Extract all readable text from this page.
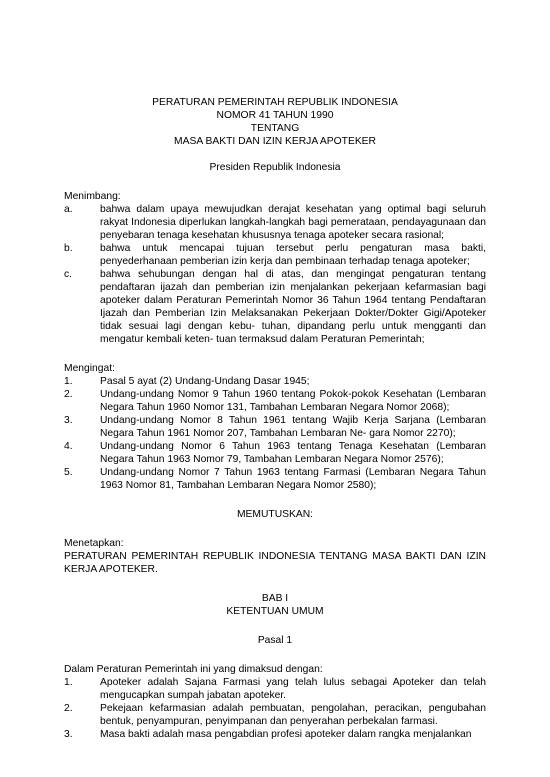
PERATURAN PEMERINTAH REPUBLIK INDONESIA

NOMOR 41 TAHUN 1990

TENTANG

MASA BAKTI DAN IZIN KERJA APOTEKER

Presiden Republik Indonesia

Menimbang:

a.	bahwa dalam upaya mewujudkan derajat kesehatan yang optimal bagi seluruh rakyat Indonesia diperlukan langkah-langkah bagi pemerataan, pendayagunaan dan penyebaran tenaga kesehatan khususnya tenaga apoteker secara rasional;
b.	bahwa untuk mencapai tujuan tersebut perlu pengaturan masa bakti, penyederhanaan pemberian izin kerja dan pembinaan terhadap tenaga apoteker;
c.	bahwa sehubungan dengan hal di atas, dan mengingat pengaturan tentang pendaftaran ijazah dan pemberian izin menjalankan pekerjaan kefarmasian bagi apoteker dalam Peraturan Pemerintah Nomor 36 Tahun 1964 tentang Pendaftaran Ijazah dan Pemberian Izin Melaksanakan Pekerjaan Dokter/Dokter Gigi/Apoteker tidak sesuai lagi dengan kebu- tuhan, dipandang perlu untuk mengganti dan mengatur kembali keten- tuan termaksud dalam Peraturan Pemerintah;

Mengingat:

1.	Pasal 5 ayat (2) Undang-Undang Dasar 1945;
2.	Undang-undang Nomor 9 Tahun 1960 tentang Pokok-pokok Kesehatan (Lembaran Negara Tahun 1960 Nomor 131, Tambahan Lembaran Negara Nomor 2068);
3.	Undang-undang Nomor 8 Tahun 1961 tentang Wajib Kerja Sarjana (Lembaran Negara Tahun 1961 Nomor 207, Tambahan Lembaran Ne- gara Nomor 2270);
4.	Undang-undang Nomor 6 Tahun 1963 tentang Tenaga Kesehatan (Lembaran Negara Tahun 1963 Nomor 79, Tambahan Lembaran Negara Nomor 2576);
5.	Undang-undang Nomor 7 Tahun 1963 tentang Farmasi (Lembaran Negara Tahun 1963 Nomor 81, Tambahan Lembaran Negara Nomor 2580);

MEMUTUSKAN:

Menetapkan:

PERATURAN PEMERINTAH REPUBLIK INDONESIA TENTANG MASA BAKTI DAN IZIN KERJA APOTEKER.

BAB I

KETENTUAN UMUM

Pasal 1

Dalam Peraturan Pemerintah ini yang dimaksud dengan:

1.	Apoteker adalah Sajana Farmasi yang telah lulus sebagai Apoteker dan telah mengucapkan sumpah jabatan apoteker.
2.	Pekejaan kefarmasian adalah pembuatan, pengolahan, peracikan, pengubahan bentuk, penyampuran, penyimpanan dan penyerahan perbekalan farmasi.
3.	Masa bakti adalah masa pengabdian profesi apoteker dalam rangka menjalankan
